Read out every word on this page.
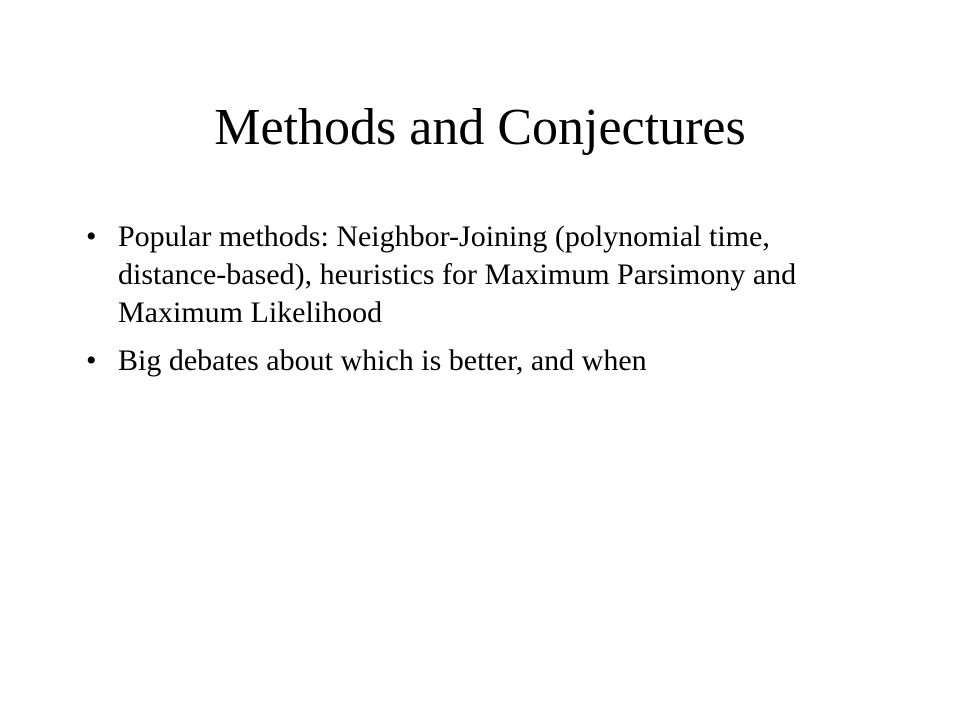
Methods and Conjectures
• Popular methods: Neighbor-Joining (polynomial time, distance-based), heuristics for Maximum Parsimony and Maximum Likelihood
• Big debates about which is better, and when
